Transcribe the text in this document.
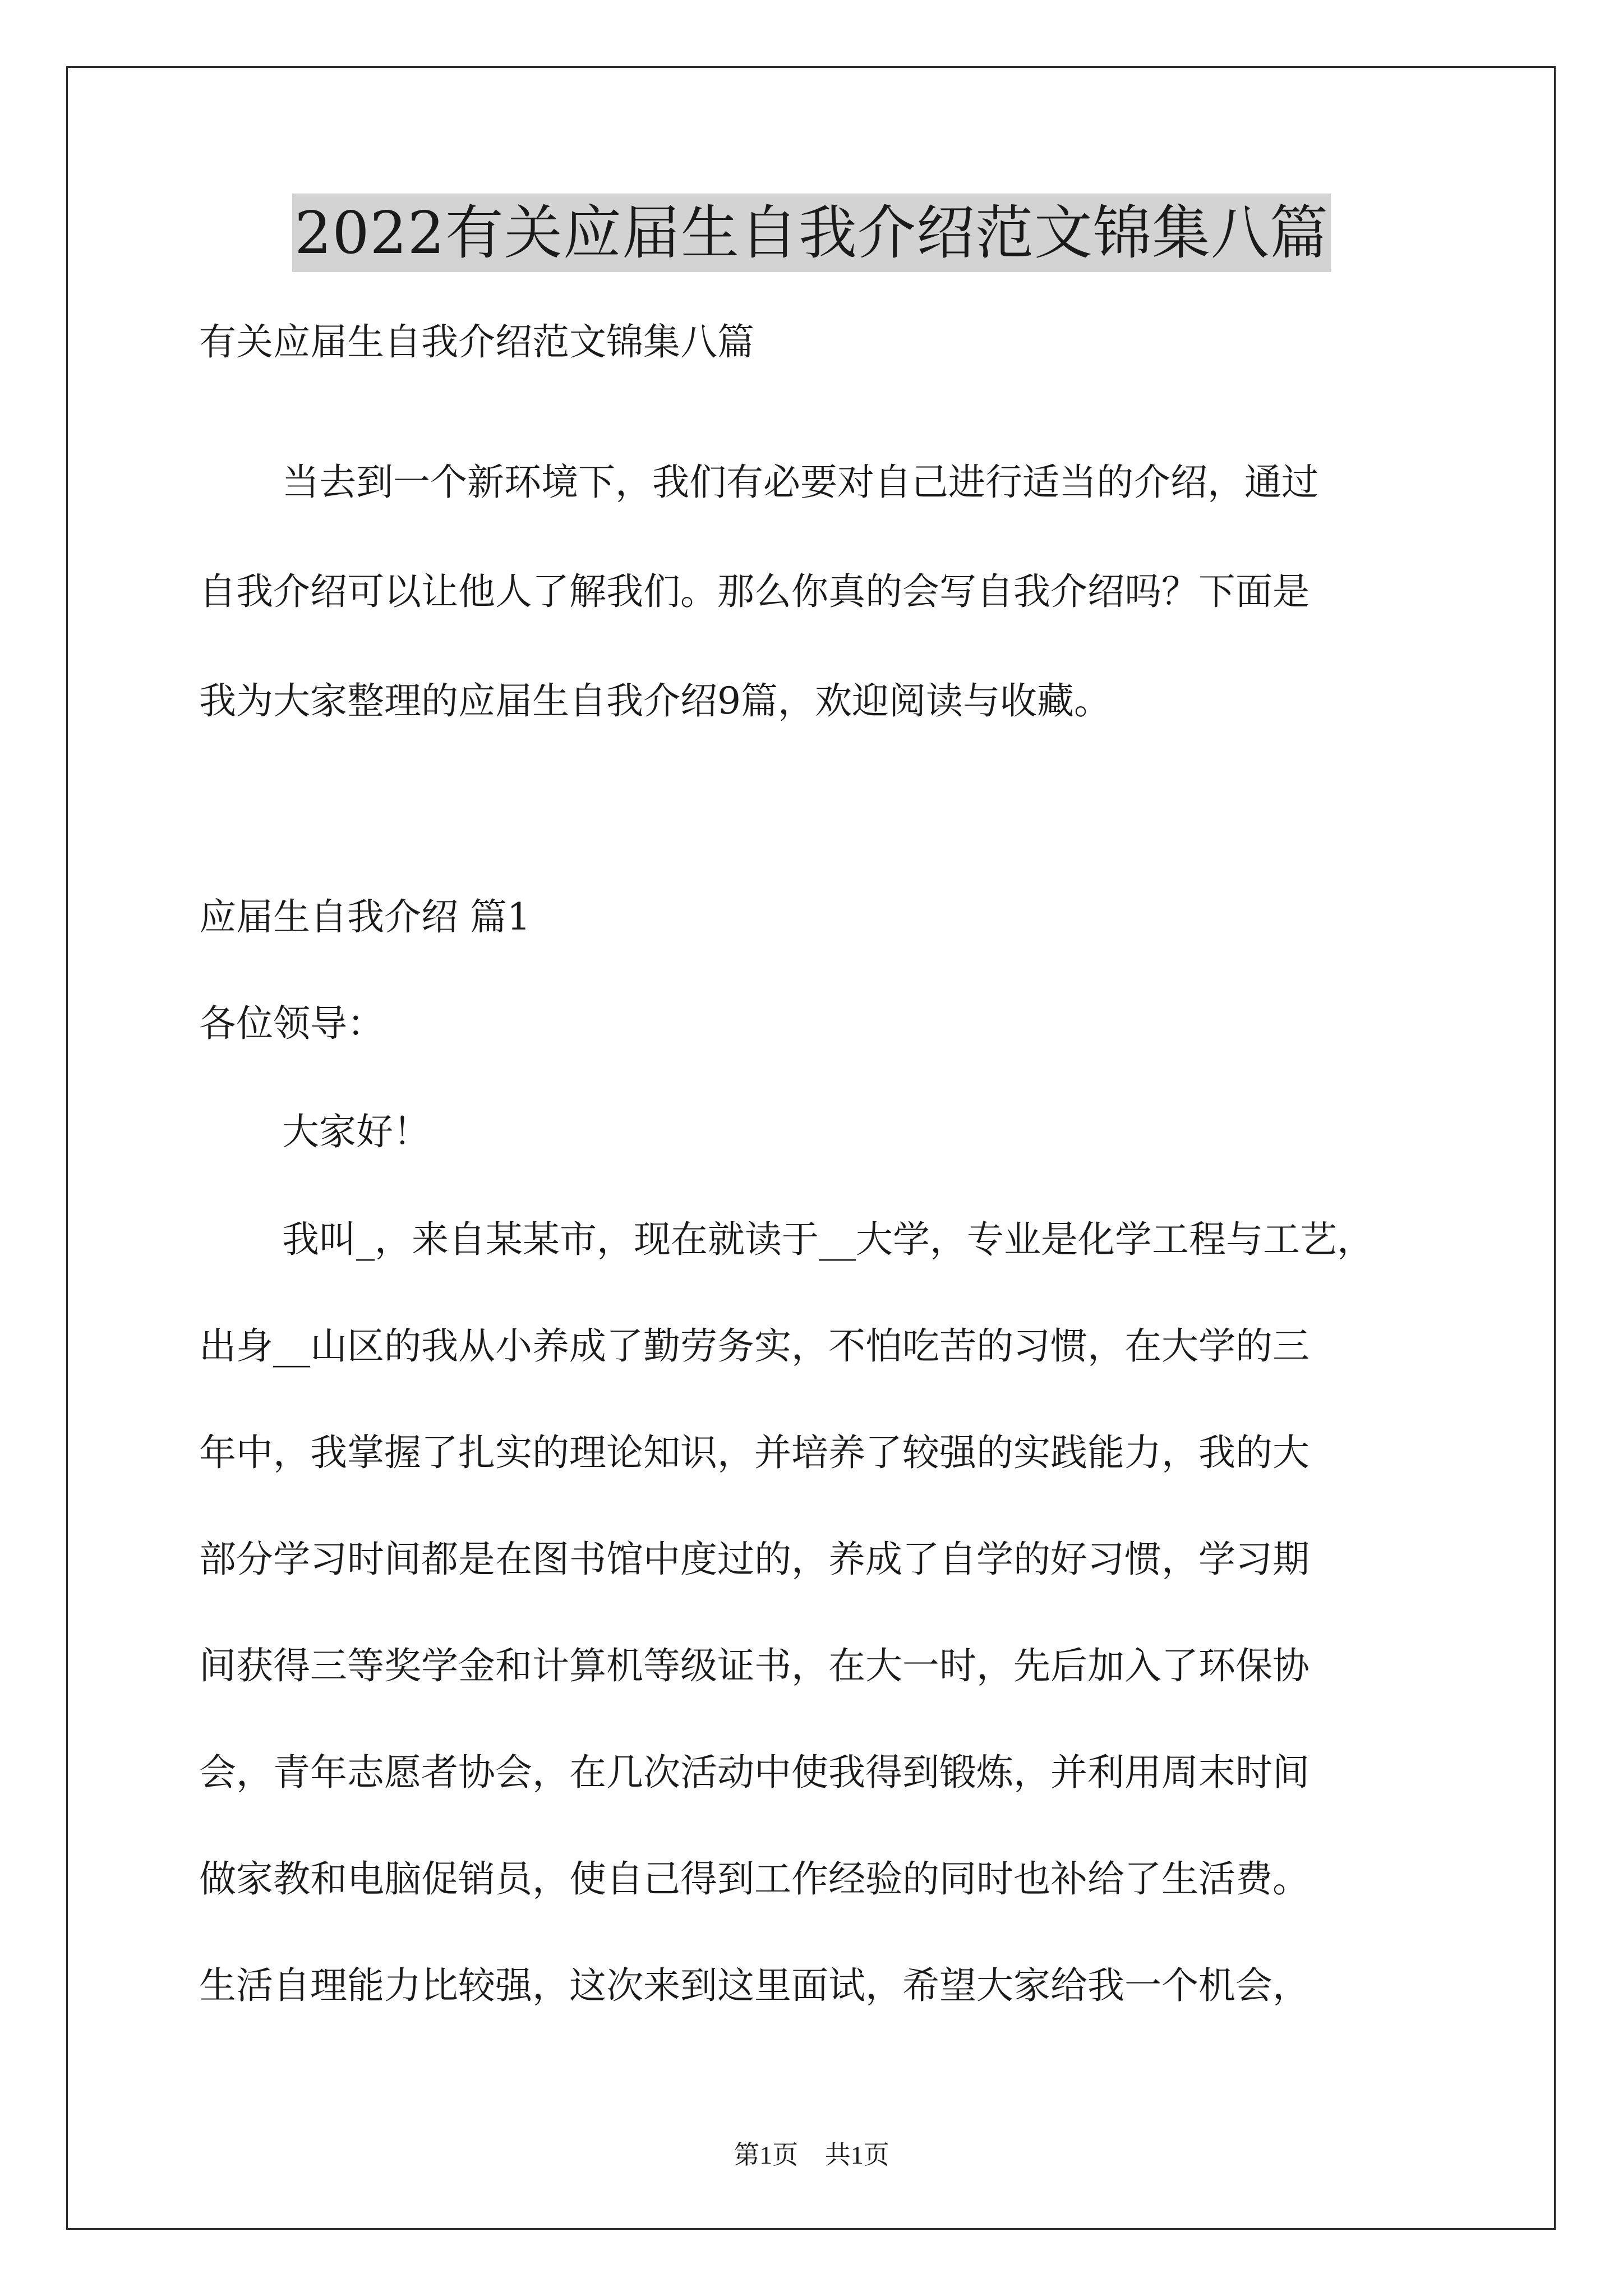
2022有关应届生自我介绍范文锦集八篇
有关应届生自我介绍范文锦集八篇
当去到一个新环境下，我们有必要对自己进行适当的介绍，通过
自我介绍可以让他人了解我们。那么你真的会写自我介绍吗？下面是
我为大家整理的应届生自我介绍9篇，欢迎阅读与收藏。
应届生自我介绍 篇1
各位领导：
大家好！
我叫_，来自某某市，现在就读于__大学，专业是化学工程与工艺，
出身__山区的我从小养成了勤劳务实，不怕吃苦的习惯，在大学的三
年中，我掌握了扎实的理论知识，并培养了较强的实践能力，我的大
部分学习时间都是在图书馆中度过的，养成了自学的好习惯，学习期
间获得三等奖学金和计算机等级证书，在大一时，先后加入了环保协
会，青年志愿者协会，在几次活动中使我得到锻炼，并利用周末时间
做家教和电脑促销员，使自己得到工作经验的同时也补给了生活费。
生活自理能力比较强，这次来到这里面试，希望大家给我一个机会，
第1页 共1页
